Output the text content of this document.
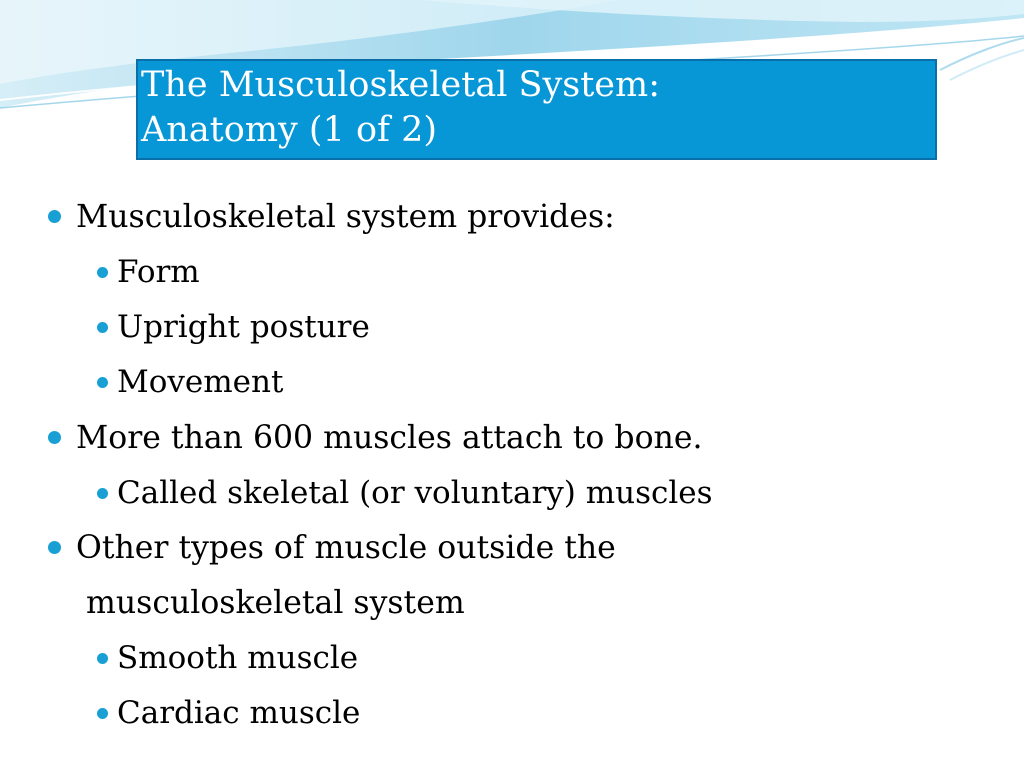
The Musculoskeletal System:
Anatomy (1 of 2)
Musculoskeletal system provides:
Form
Upright posture
Movement
More than 600 muscles attach to bone.
Called skeletal (or voluntary) muscles
Other types of muscle outside the
musculoskeletal system
Smooth muscle
Cardiac muscle
